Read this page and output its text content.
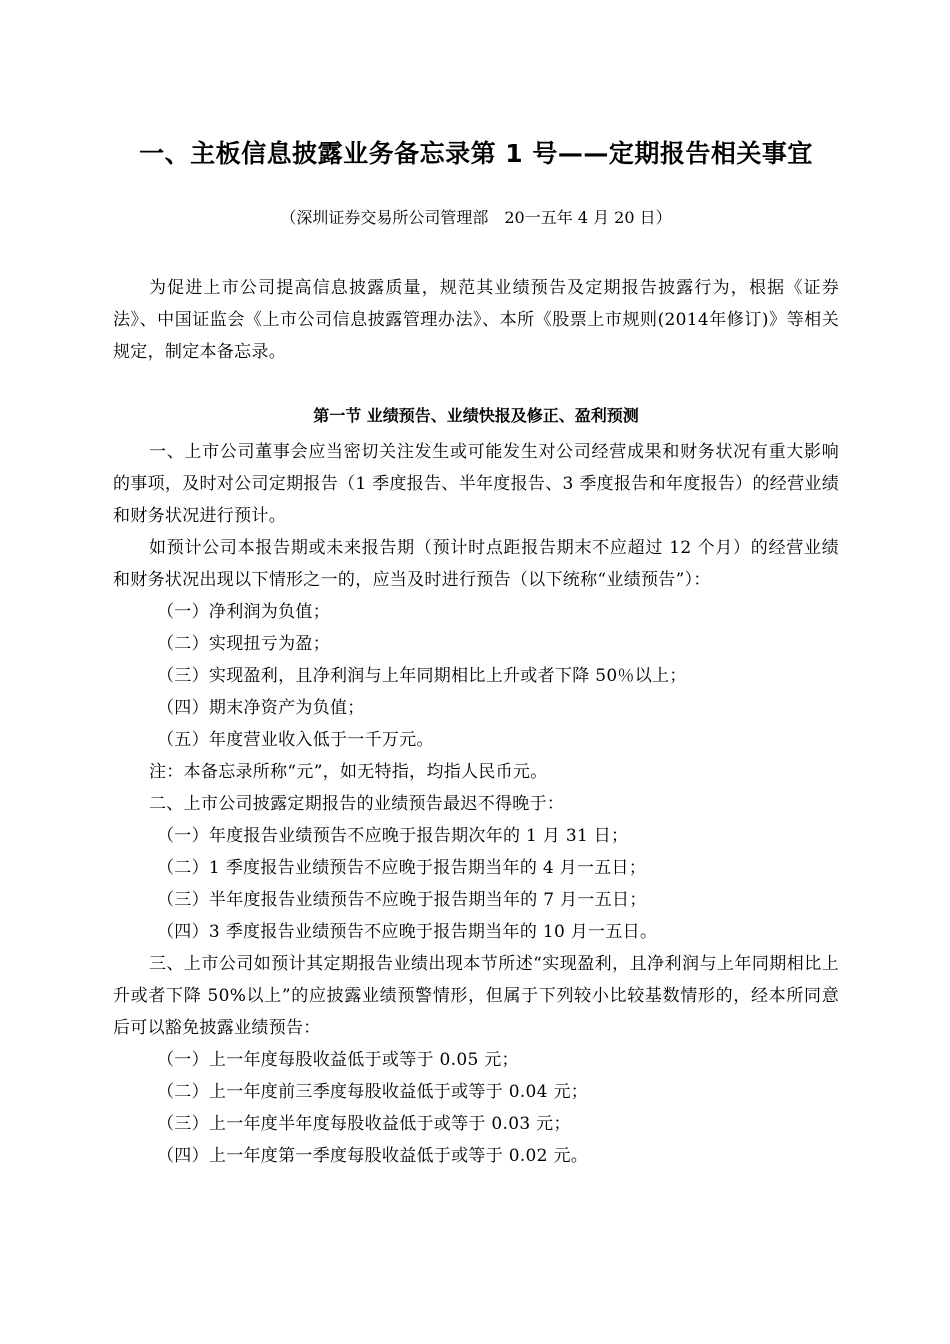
一、主板信息披露业务备忘录第 1 号——定期报告相关事宜
（深圳证券交易所公司管理部　20一五年 4 月 20 日）

为促进上市公司提高信息披露质量，规范其业绩预告及定期报告披露行为，根据《证券法》、中国证监会《上市公司信息披露管理办法》、本所《股票上市规则(2014年修订)》等相关规定，制定本备忘录。

第一节 业绩预告、业绩快报及修正、盈利预测

一、上市公司董事会应当密切关注发生或可能发生对公司经营成果和财务状况有重大影响的事项，及时对公司定期报告（1 季度报告、半年度报告、3 季度报告和年度报告）的经营业绩和财务状况进行预计。

如预计公司本报告期或未来报告期（预计时点距报告期末不应超过 12 个月）的经营业绩和财务状况出现以下情形之一的，应当及时进行预告（以下统称“业绩预告”）：

（一）净利润为负值；

（二）实现扭亏为盈；

（三）实现盈利，且净利润与上年同期相比上升或者下降 50％以上；

（四）期末净资产为负值；

（五）年度营业收入低于一千万元。

注：本备忘录所称“元”，如无特指，均指人民币元。

二、上市公司披露定期报告的业绩预告最迟不得晚于：

（一）年度报告业绩预告不应晚于报告期次年的 1 月 31 日；

（二）1 季度报告业绩预告不应晚于报告期当年的 4 月一五日；

（三）半年度报告业绩预告不应晚于报告期当年的 7 月一五日；

（四）3 季度报告业绩预告不应晚于报告期当年的 10 月一五日。

三、上市公司如预计其定期报告业绩出现本节所述“实现盈利，且净利润与上年同期相比上升或者下降 50%以上”的应披露业绩预警情形，但属于下列较小比较基数情形的，经本所同意后可以豁免披露业绩预告：

（一）上一年度每股收益低于或等于 0.05 元；

（二）上一年度前三季度每股收益低于或等于 0.04 元；

（三）上一年度半年度每股收益低于或等于 0.03 元；

（四）上一年度第一季度每股收益低于或等于 0.02 元。
